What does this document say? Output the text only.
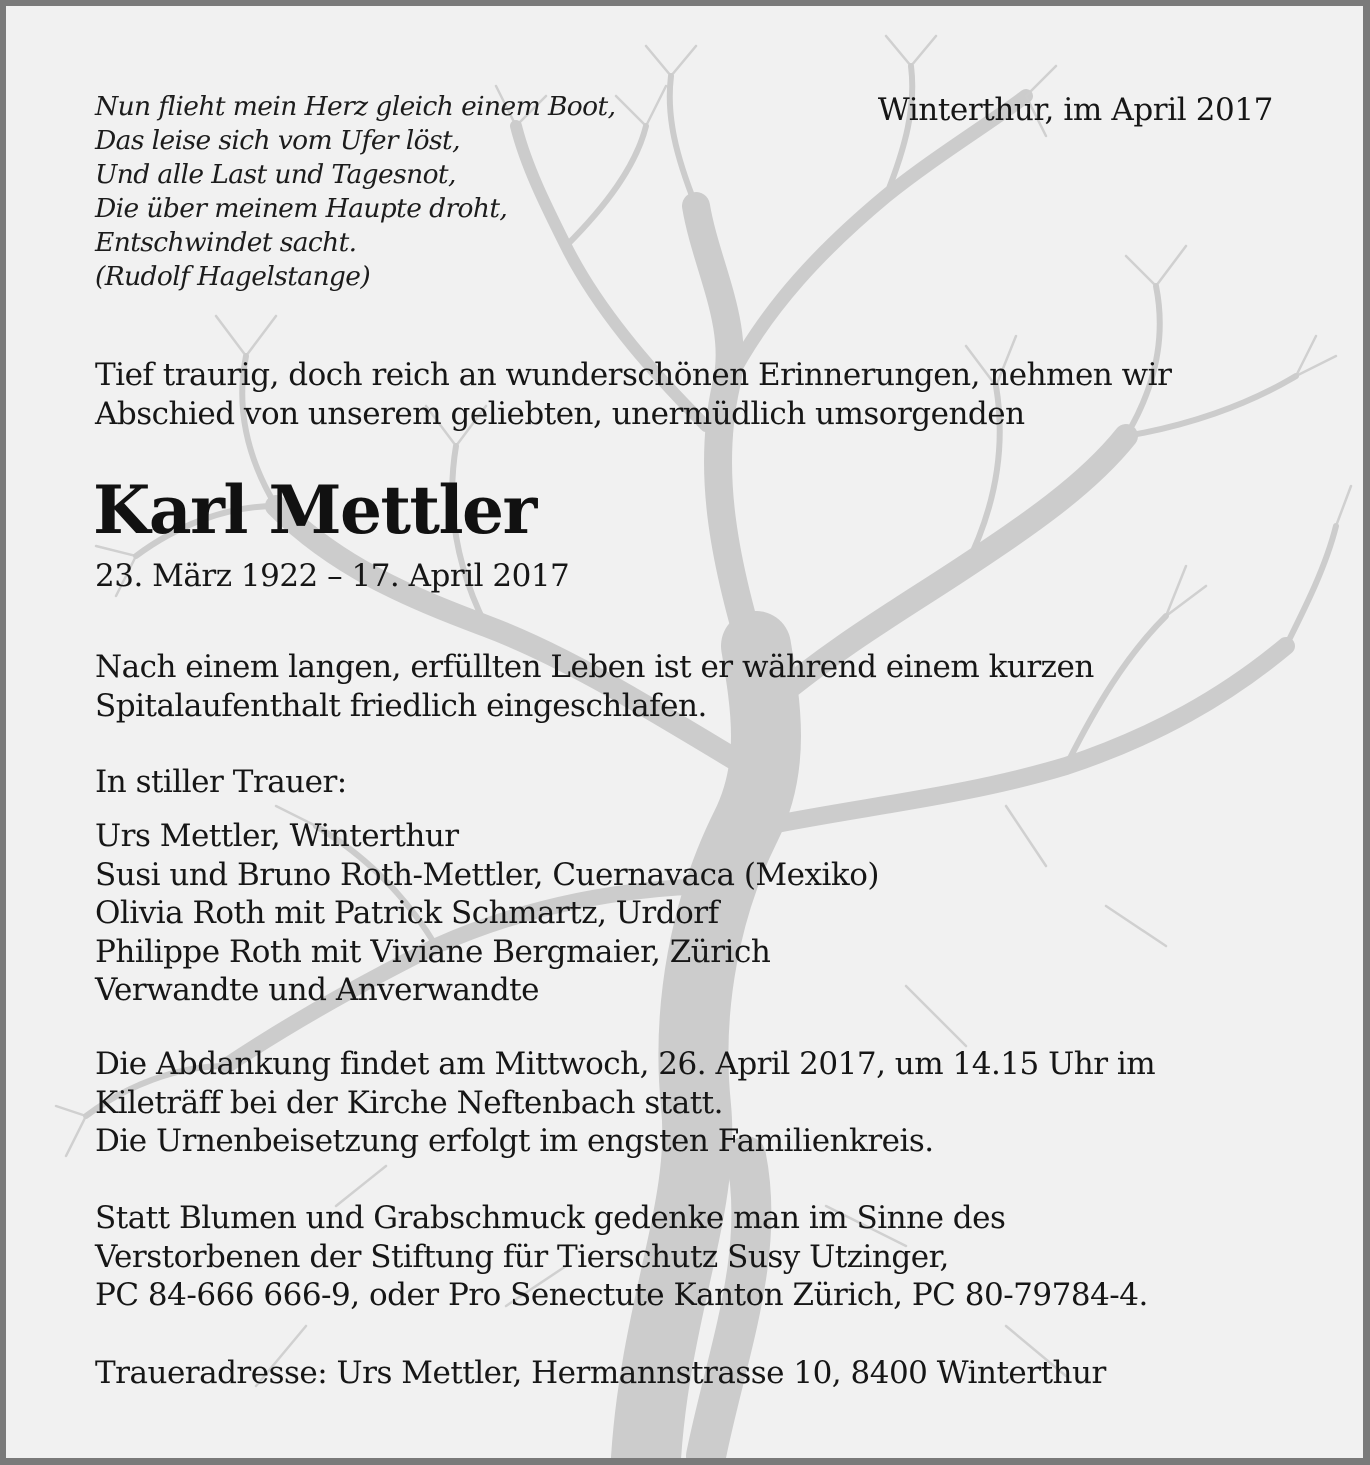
Nun flieht mein Herz gleich einem Boot,
Das leise sich vom Ufer löst,
Und alle Last und Tagesnot,
Die über meinem Haupte droht,
Entschwindet sacht.
(Rudolf Hagelstange)
Winterthur, im April 2017
Tief traurig, doch reich an wunderschönen Erinnerungen, nehmen wir
Abschied von unserem geliebten, unermüdlich umsorgenden
Karl Mettler
23. März 1922 – 17. April 2017
Nach einem langen, erfüllten Leben ist er während einem kurzen
Spitalaufenthalt friedlich eingeschlafen.
In stiller Trauer:
Urs Mettler, Winterthur
Susi und Bruno Roth-Mettler, Cuernavaca (Mexiko)
Olivia Roth mit Patrick Schmartz, Urdorf
Philippe Roth mit Viviane Bergmaier, Zürich
Verwandte und Anverwandte
Die Abdankung findet am Mittwoch, 26. April 2017, um 14.15 Uhr im
Kileträff bei der Kirche Neftenbach statt.
Die Urnenbeisetzung erfolgt im engsten Familienkreis.
Statt Blumen und Grabschmuck gedenke man im Sinne des
Verstorbenen der Stiftung für Tierschutz Susy Utzinger,
PC 84-666 666-9, oder Pro Senectute Kanton Zürich, PC 80-79784-4.
Traueradresse: Urs Mettler, Hermannstrasse 10, 8400 Winterthur
